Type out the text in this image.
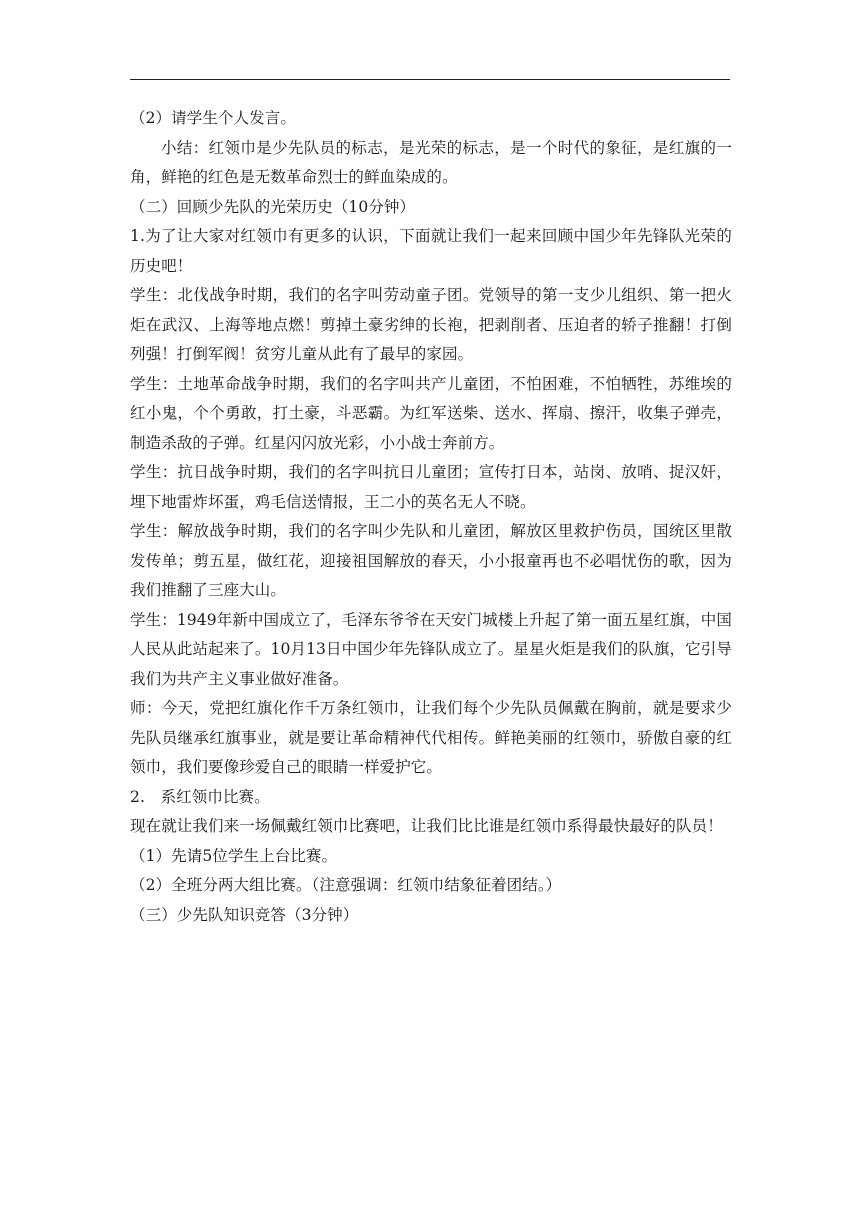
（2）请学生个人发言。

小结：红领巾是少先队员的标志，是光荣的标志，是一个时代的象征，是红旗的一角，鲜艳的红色是无数革命烈士的鲜血染成的。

（二）回顾少先队的光荣历史（10分钟）

1.为了让大家对红领巾有更多的认识，下面就让我们一起来回顾中国少年先锋队光荣的历史吧！

学生：北伐战争时期，我们的名字叫劳动童子团。党领导的第一支少儿组织、第一把火炬在武汉、上海等地点燃！剪掉土豪劣绅的长袍，把剥削者、压迫者的轿子推翻！打倒列强！打倒军阀！贫穷儿童从此有了最早的家园。

学生：土地革命战争时期，我们的名字叫共产儿童团，不怕困难，不怕牺牲，苏维埃的红小鬼，个个勇敢，打土豪，斗恶霸。为红军送柴、送水、挥扇、擦汗，收集子弹壳，制造杀敌的子弹。红星闪闪放光彩，小小战士奔前方。

学生：抗日战争时期，我们的名字叫抗日儿童团；宣传打日本，站岗、放哨、捉汉奸，埋下地雷炸坏蛋，鸡毛信送情报，王二小的英名无人不晓。

学生：解放战争时期，我们的名字叫少先队和儿童团，解放区里救护伤员，国统区里散发传单；剪五星，做红花，迎接祖国解放的春天，小小报童再也不必唱忧伤的歌，因为我们推翻了三座大山。

学生：1949年新中国成立了，毛泽东爷爷在天安门城楼上升起了第一面五星红旗，中国人民从此站起来了。10月13日中国少年先锋队成立了。星星火炬是我们的队旗，它引导我们为共产主义事业做好准备。

师：今天，党把红旗化作千万条红领巾，让我们每个少先队员佩戴在胸前，就是要求少先队员继承红旗事业，就是要让革命精神代代相传。鲜艳美丽的红领巾，骄傲自豪的红领巾，我们要像珍爱自己的眼睛一样爱护它。

2.　系红领巾比赛。

现在就让我们来一场佩戴红领巾比赛吧，让我们比比谁是红领巾系得最快最好的队员！

（1）先请5位学生上台比赛。

（2）全班分两大组比赛。（注意强调：红领巾结象征着团结。）

（三）少先队知识竞答（3分钟）
